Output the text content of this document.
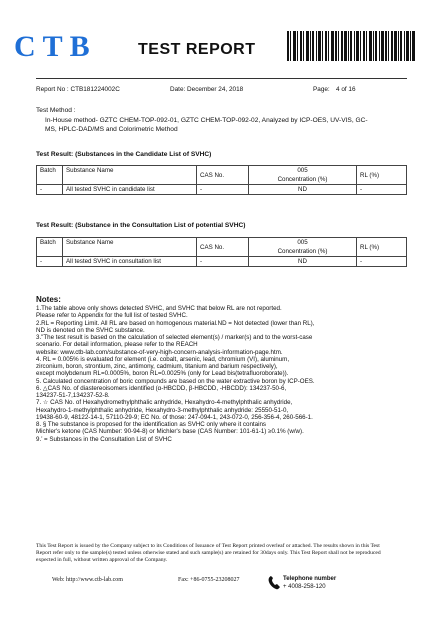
CTB	TEST REPORT
Report No : CTB181224002C	Date: December 24, 2018	Page: 4 of 16
Test Method :
In-House method- GZTC CHEM-TOP-092-01, GZTC CHEM-TOP-092-02, Analyzed by ICP-OES, UV-VIS, GC-MS, HPLC-DAD/MS and Colorimetric Method
Test Result: (Substances in the Candidate List of SVHC)
Batch	Substance Name	CAS No.	005	RL (%)
			Concentration (%)	
-	All tested SVHC in candidate list	-	ND	-
Test Result: (Substance in the Consultation List of potential SVHC)
Batch	Substance Name	CAS No.	005	RL (%)
			Concentration (%)	
-	All tested SVHC in consultation list	-	ND	-
Notes:
1.The table above only shows detected SVHC, and SVHC that below RL are not reported.
Please refer to Appendix for the full list of tested SVHC.
2.RL = Reporting Limit. All RL are based on homogenous material.ND = Not detected (lower than RL),
ND is denoted on the SVHC substance.
3."The test result is based on the calculation of selected element(s) / marker(s) and to the worst-case
scenario. For detail information, please refer to the REACH
website: www.ctb-lab.com/substance-of-very-high-concern-analysis-information-page.htm.
4. RL = 0.005% is evaluated for element (i.e. cobalt, arsenic, lead, chromium (VI), aluminum,
zirconium, boron, strontium, zinc, antimony, cadmium, titanium and barium respectively),
except molybdenum RL=0.0005%, boron RL=0.0025% (only for Lead bis(tetrafluoroborate)).
5. Calculated concentration of boric compounds are based on the water extractive boron by ICP-OES.
6. △CAS No. of diastereoisomers identified (α-HBCDD, β-HBCDD, -HBCDD): 134237-50-6,
134237-51-7,134237-52-8.
7. ☆ CAS No. of Hexahydromethylphthalic anhydride, Hexahydro-4-methylphthalic anhydride,
Hexahydro-1-methylphthalic anhydride, Hexahydro-3-methylphthalic anhydride: 25550-51-0,
19438-60-9, 48122-14-1, 57110-29-9; EC No. of those: 247-094-1, 243-072-0, 256-356-4, 260-566-1.
8. § The substance is proposed for the identification as SVHC only where it contains
Michler's ketone (CAS Number: 90-94-8) or Michler's base (CAS Number: 101-61-1) ≥0.1% (w/w).
9.’ = Substances in the Consultation List of SVHC
This Test Report is issued by the Company subject to its Conditions of Issuance of Test Report printed overleaf or attached. The results shown in this Test Report refer only to the sample(s) tested unless otherwise stated and such sample(s) are retained for 30days only. This Test Report shall not be reproduced expected in full, without written approval of the Company.
Web: http://www.ctb-lab.com	Fax: +86-0755-23208027	Telephone number
+ 4008-258-120
